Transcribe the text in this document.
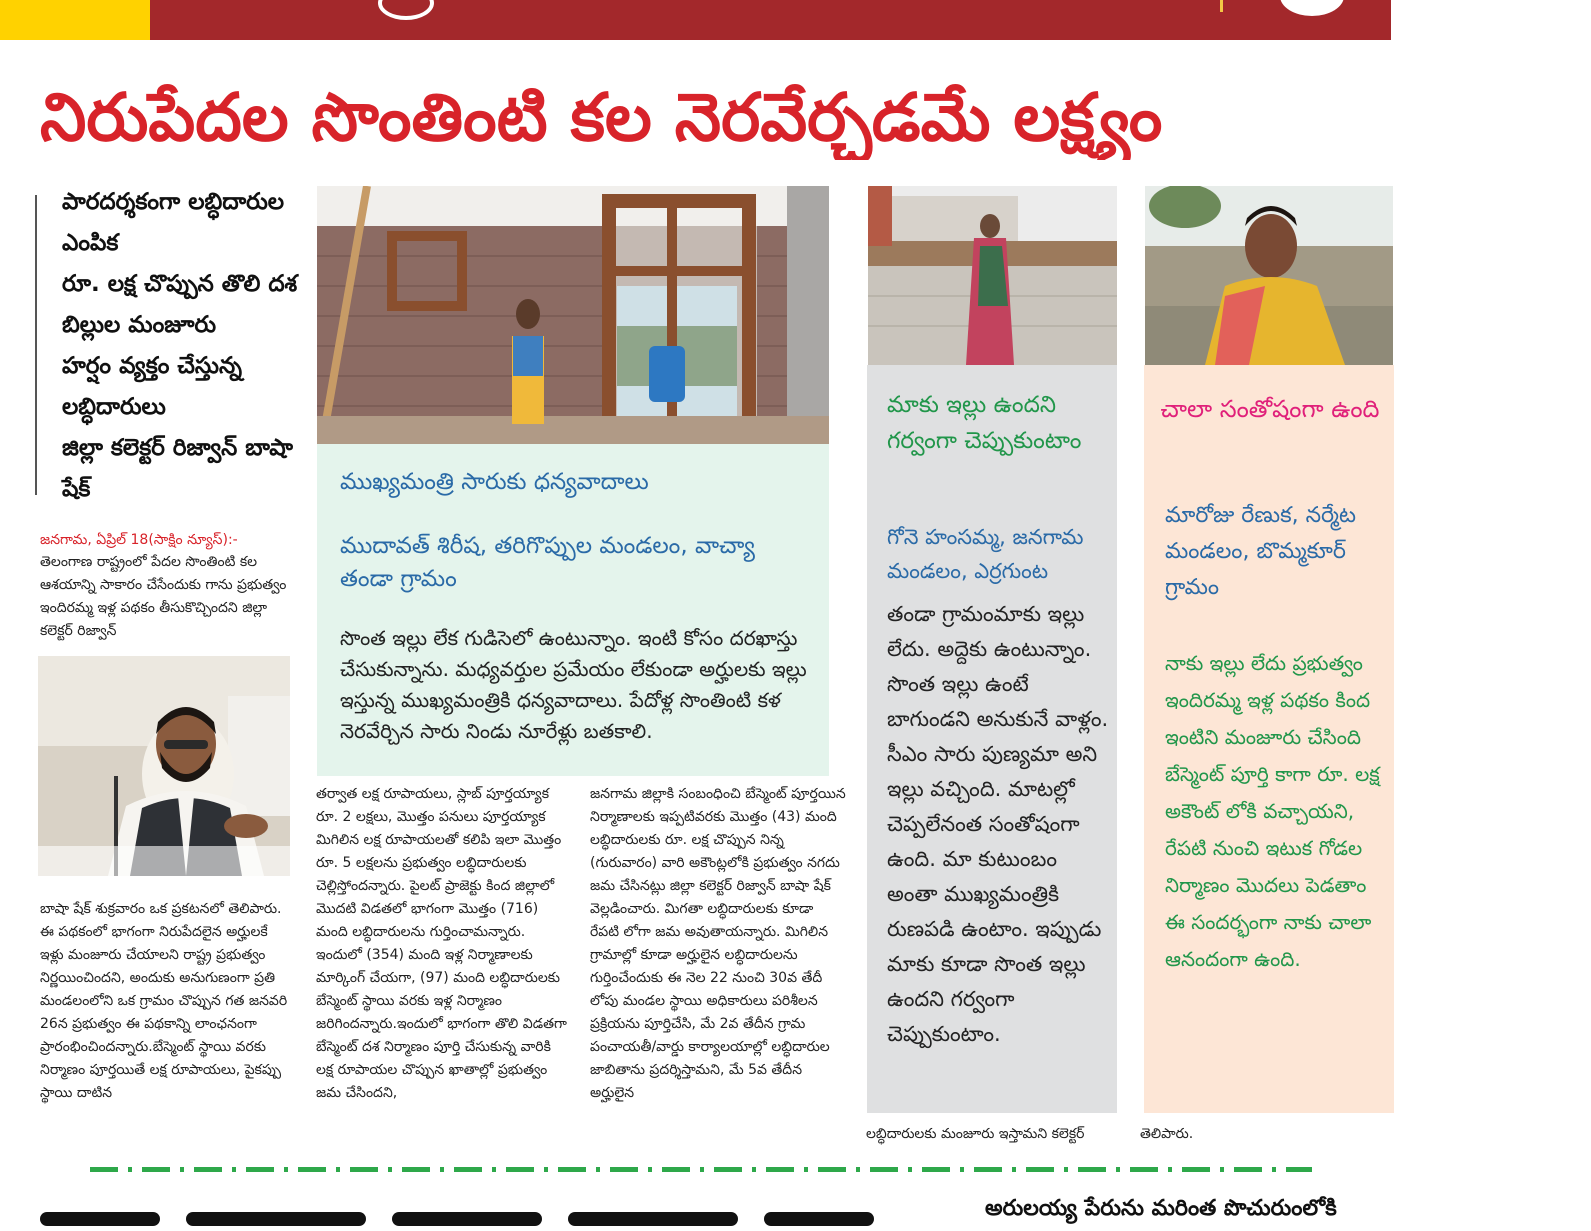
నిరుపేదల సొంతింటి కల నెరవేర్చడమే లక్ష్యం
పారదర్శకంగా లబ్ధిదారుల ఎంపిక
రూ. లక్ష చొప్పున తొలి దశ బిల్లుల మంజూరు
హర్షం వ్యక్తం చేస్తున్న లబ్ధిదారులు
జిల్లా కలెక్టర్ రిజ్వాన్ బాషా షేక్
జనగామ, ఏప్రిల్ 18(సాక్షిం న్యూస్):-

తెలంగాణ రాష్ట్రంలో పేదల సొంతింటి కల ఆశయాన్ని సాకారం చేసేందుకు గాను ప్రభుత్వం ఇందిరమ్మ ఇళ్ల పథకం తీసుకొచ్చిందని జిల్లా కలెక్టర్ రిజ్వాన్

బాషా షేక్ శుక్రవారం ఒక ప్రకటనలో తెలిపారు. ఈ పథకంలో భాగంగా నిరుపేదలైన అర్హులకే ఇళ్లు మంజూరు చేయాలని రాష్ట్ర ప్రభుత్వం నిర్ణయించిందని, అందుకు అనుగుణంగా ప్రతి మండలంలోని ఒక గ్రామం చొప్పున గత జనవరి 26న ప్రభుత్వం ఈ పథకాన్ని లాంఛనంగా ప్రారంభించిందన్నారు.బేస్మెంట్ స్థాయి వరకు నిర్మాణం పూర్తయితే లక్ష రూపాయలు, పైకప్పు స్థాయి దాటిన

ముఖ్యమంత్రి సారుకు ధన్యవాదాలు
ముదావత్ శిరీష, తరిగొప్పుల మండలం, వాచ్యా తండా గ్రామం
సొంత ఇల్లు లేక గుడిసెలో ఉంటున్నాం. ఇంటి కోసం దరఖాస్తు చేసుకున్నాను. మధ్యవర్తుల ప్రమేయం లేకుండా అర్హులకు ఇల్లు ఇస్తున్న ముఖ్యమంత్రికి ధన్యవాదాలు. పేదోళ్ల సొంతింటి కళ నెరవేర్చిన సారు నిండు నూరేళ్లు బతకాలి.

తర్వాత లక్ష రూపాయలు, స్లాబ్ పూర్తయ్యాక రూ. 2 లక్షలు, మొత్తం పనులు పూర్తయ్యాక మిగిలిన లక్ష రూపాయలతో కలిపి ఇలా మొత్తం రూ. 5 లక్షలను ప్రభుత్వం లబ్ధిదారులకు చెల్లిస్తోందన్నారు. పైలట్ ప్రాజెక్టు కింద జిల్లాలో మొదటి విడతలో భాగంగా మొత్తం (716) మంది లబ్ధిదారులను గుర్తించామన్నారు. ఇందులో (354) మంది ఇళ్ల నిర్మాణాలకు మార్కింగ్ చేయగా, (97) మంది లబ్ధిదారులకు బేస్మెంట్ స్థాయి వరకు ఇళ్ల నిర్మాణం జరిగిందన్నారు.ఇందులో భాగంగా తొలి విడతగా బేస్మెంట్ దశ నిర్మాణం పూర్తి చేసుకున్న వారికి లక్ష రూపాయల చొప్పున ఖాతాల్లో ప్రభుత్వం జమ చేసిందని,

జనగామ జిల్లాకి సంబంధించి బేస్మెంట్ పూర్తయిన నిర్మాణాలకు ఇప్పటివరకు మొత్తం (43) మంది లబ్ధిదారులకు రూ. లక్ష చొప్పున నిన్న (గురువారం) వారి అకౌంట్లలోకి ప్రభుత్వం నగదు జమ చేసినట్లు జిల్లా కలెక్టర్ రిజ్వాన్ బాషా షేక్ వెల్లడించారు. మిగతా లబ్ధిదారులకు కూడా రేపటి లోగా జమ అవుతాయన్నారు. మిగిలిన గ్రామాల్లో కూడా అర్హులైన లబ్ధిదారులను గుర్తించేందుకు ఈ నెల 22 నుంచి 30వ తేదీ లోపు మండల స్థాయి అధికారులు పరిశీలన ప్రక్రియను పూర్తిచేసి, మే 2వ తేదీన గ్రామ పంచాయతీ/వార్డు కార్యాలయాల్లో లబ్ధిదారుల జాబితాను ప్రదర్శిస్తామని, మే 5వ తేదీన అర్హులైన

మాకు ఇల్లు ఉందని గర్వంగా చెప్పుకుంటాం
గోనె హంసమ్మ, జనగామ మండలం, ఎర్రగుంట
తండా గ్రామంమాకు ఇల్లు లేదు. అద్దెకు ఉంటున్నాం. సొంత ఇల్లు ఉంటే బాగుండని అనుకునే వాళ్లం. సీఎం సారు పుణ్యమా అని ఇల్లు వచ్చింది. మాటల్లో చెప్పలేనంత సంతోషంగా ఉంది. మా కుటుంబం అంతా ముఖ్యమంత్రికి రుణపడి ఉంటాం. ఇప్పుడు మాకు కూడా సొంత ఇల్లు ఉందని గర్వంగా చెప్పుకుంటాం.
చాలా సంతోషంగా ఉంది
మారోజు రేణుక, నర్మేట మండలం, బొమ్మకూర్ గ్రామం
నాకు ఇల్లు లేదు ప్రభుత్వం ఇందిరమ్మ ఇళ్ల పథకం కింద ఇంటిని మంజూరు చేసింది బేస్మెంట్ పూర్తి కాగా రూ. లక్ష అకౌంట్ లోకి వచ్చాయని, రేపటి నుంచి ఇటుక గోడల నిర్మాణం మొదలు పెడతాం ఈ సందర్భంగా నాకు చాలా ఆనందంగా ఉంది.
లబ్ధిదారులకు మంజూరు ఇస్తామని కలెక్టర్	తెలిపారు.
అరులయ్య పేరును మరింత పొచురుంలోకి
